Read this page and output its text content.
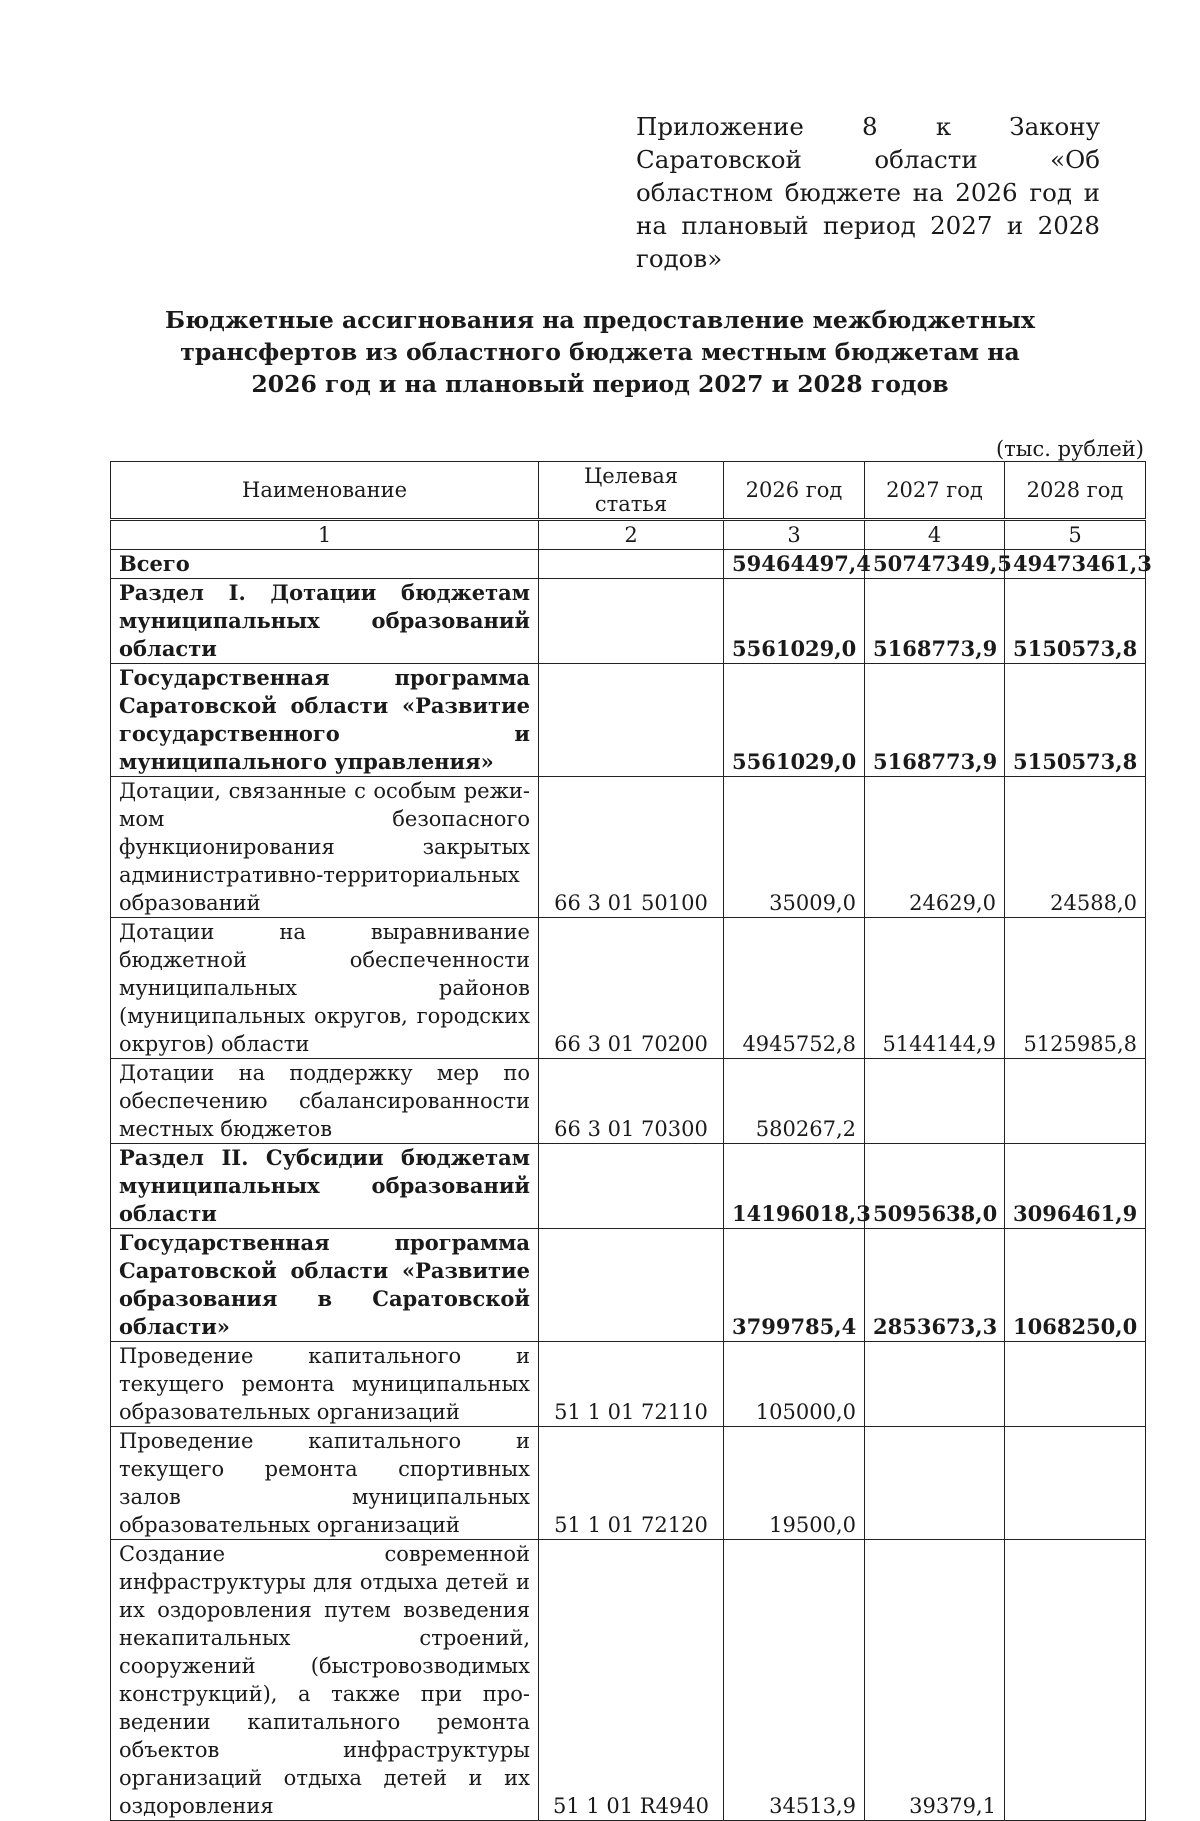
Приложение 8 к Закону Саратовской области «Об областном бюджете на 2026 год и на плановый период 2027 и 2028 годов»

Бюджетные ассигнования на предоставление межбюджетных трансфертов из областного бюджета местным бюджетам на 2026 год и на плановый период 2027 и 2028 годов
(тыс. рублей)
Наименование	Целевая статья	2026 год	2027 год	2028 год
1	2	3	4	5
Всего		59464497,4	50747349,5	49473461,3
Раздел I. Дотации бюджетам муниципальных образований области		5561029,0	5168773,9	5150573,8
Государственная программа Саратовской области «Развитие государственного и муниципального управления»		5561029,0	5168773,9	5150573,8
Дотации, связанные с особым режимом безопасного функционирования закрытых административно-территориальных образований	66 3 01 50100	35009,0	24629,0	24588,0
Дотации на выравнивание бюджетной обеспеченности муниципальных районов (муниципальных округов, городских округов) области	66 3 01 70200	4945752,8	5144144,9	5125985,8
Дотации на поддержку мер по обеспечению сбалансированности местных бюджетов	66 3 01 70300	580267,2		
Раздел II. Субсидии бюджетам муниципальных образований области		14196018,3	5095638,0	3096461,9
Государственная программа Саратовской области «Развитие образования в Саратовской области»		3799785,4	2853673,3	1068250,0
Проведение капитального и текущего ремонта муниципальных образовательных организаций	51 1 01 72110	105000,0		
Проведение капитального и текущего ремонта спортивных залов муниципальных образовательных организаций	51 1 01 72120	19500,0		
Создание современной инфраструктуры для отдыха детей и их оздоровления путем возведения некапитальных строений, сооружений (быстровозводимых конструкций), а также при проведении капитального ремонта объектов инфраструктуры организаций отдыха детей и их оздоровления	51 1 01 R4940	34513,9	39379,1	
